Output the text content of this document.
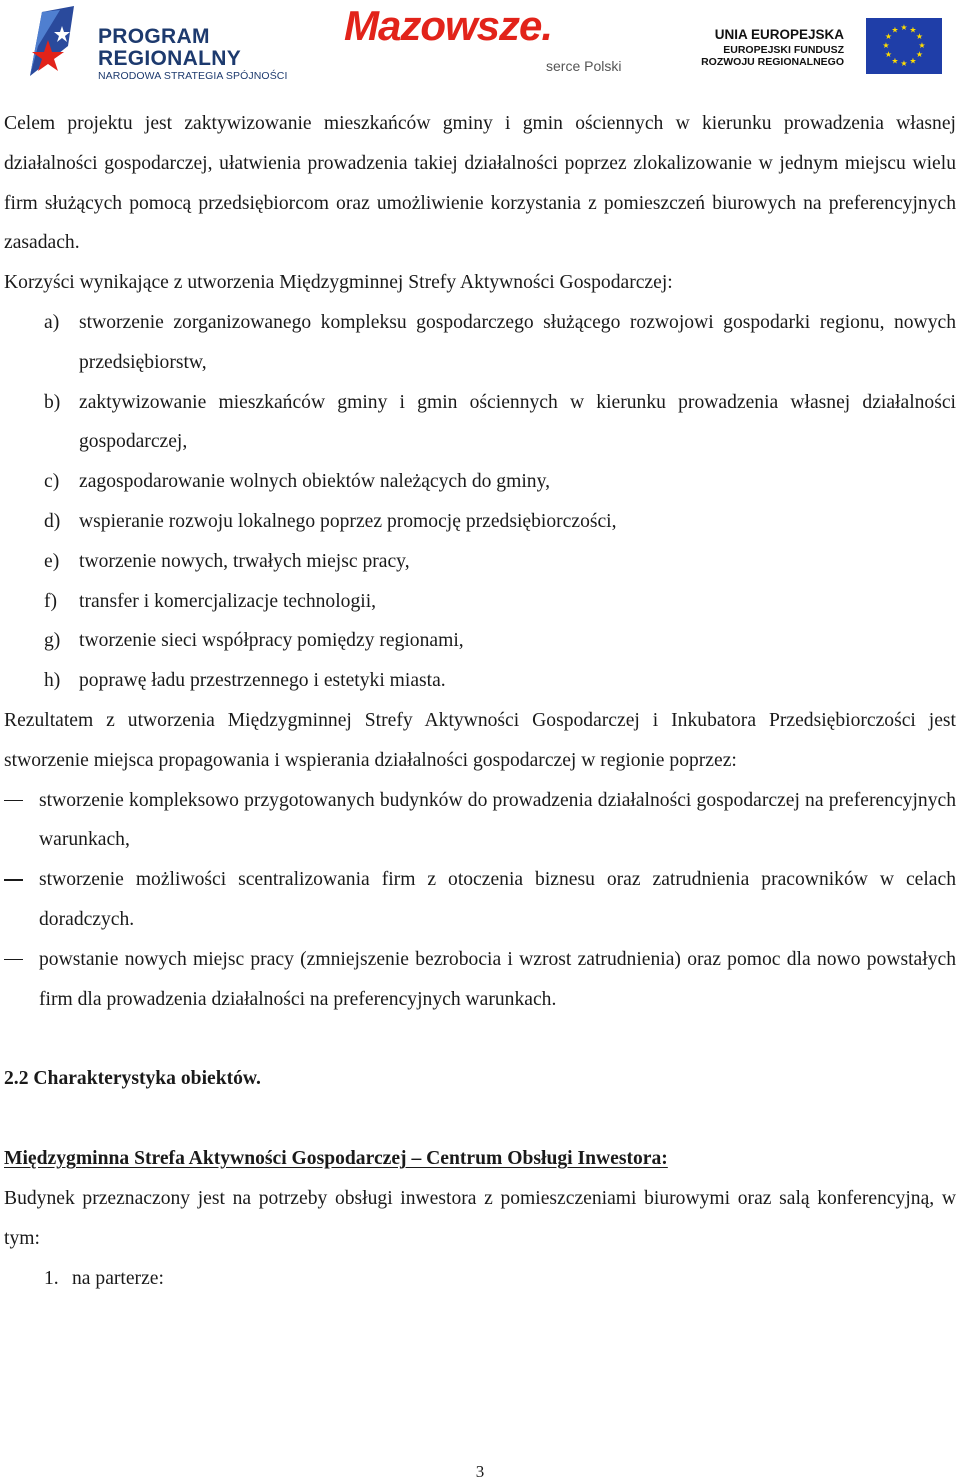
PROGRAM
REGIONALNY
NARODOWA STRATEGIA SPÓJNOŚCI
Mazowsze.
serce Polski
UNIA EUROPEJSKA
EUROPEJSKI FUNDUSZ
ROZWOJU REGIONALNEGO
★ ★
★
★
★
★
★
★
★
★
★
★

Celem projektu jest zaktywizowanie mieszkańców gminy i gmin ościennych w kierunku prowadzenia własnej działalności gospodarczej, ułatwienia prowadzenia takiej działalności poprzez zlokalizowanie w jednym miejscu wielu firm służących pomocą przedsiębiorcom oraz umożliwienie korzystania z pomieszczeń biurowych na preferencyjnych zasadach.

Korzyści wynikające z utworzenia Międzygminnej Strefy Aktywności Gospodarczej:

a) stworzenie zorganizowanego kompleksu gospodarczego służącego rozwojowi gospodarki regionu, nowych przedsiębiorstw,
b) zaktywizowanie mieszkańców gminy i gmin ościennych w kierunku prowadzenia własnej działalności gospodarczej,
c) zagospodarowanie wolnych obiektów należących do gminy,
d) wspieranie rozwoju lokalnego poprzez promocję przedsiębiorczości,
e) tworzenie nowych, trwałych miejsc pracy,
f) transfer i komercjalizacje technologii,
g) tworzenie sieci współpracy pomiędzy regionami,
h) poprawę ładu przestrzennego i estetyki miasta.

Rezultatem z utworzenia Międzygminnej Strefy Aktywności Gospodarczej i Inkubatora Przedsiębiorczości jest stworzenie miejsca propagowania i wspierania działalności gospodarczej w regionie poprzez:

stworzenie kompleksowo przygotowanych budynków do prowadzenia działalności gospodarczej na preferencyjnych warunkach,
stworzenie możliwości scentralizowania firm z otoczenia biznesu oraz zatrudnienia pracowników w celach doradczych.
powstanie nowych miejsc pracy (zmniejszenie bezrobocia i wzrost zatrudnienia) oraz pomoc dla nowo powstałych firm dla prowadzenia działalności na preferencyjnych warunkach.

2.2 Charakterystyka obiektów.

Międzygminna Strefa Aktywności Gospodarczej – Centrum Obsługi Inwestora:

Budynek przeznaczony jest na potrzeby obsługi inwestora z pomieszczeniami biurowymi oraz salą konferencyjną, w tym:

1. na parterze:
3
